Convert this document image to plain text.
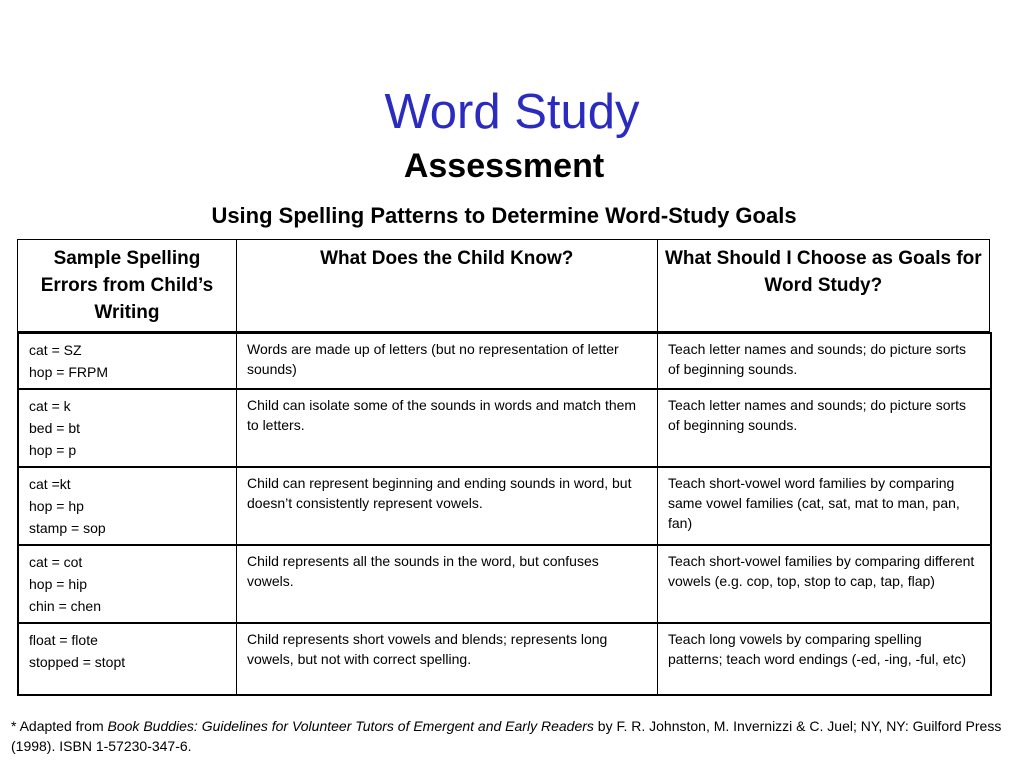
Word Study
Assessment
Using Spelling Patterns to Determine Word-Study Goals
Sample Spelling Errors from Child’s Writing	What Does the Child Know?	What Should I Choose as Goals for Word Study?
cat = SZ
hop = FRPM	Words are made up of letters (but no representation of letter sounds)	Teach letter names and sounds; do picture sorts of beginning sounds.

cat = k
bed = bt
hop = p	Child can isolate some of the sounds in words and match them to letters.	Teach letter names and sounds; do picture sorts of beginning sounds.

cat =kt
hop = hp
stamp = sop	Child can represent beginning and ending sounds in word, but doesn’t consistently represent vowels.	Teach short-vowel word families by comparing same vowel families (cat, sat, mat to man, pan, fan)

cat = cot
hop = hip
chin = chen	Child represents all the sounds in the word, but confuses vowels.	Teach short-vowel families by comparing different vowels (e.g. cop, top, stop to cap, tap, flap)

float = flote
stopped = stopt	Child represents short vowels and blends; represents long vowels, but not with correct spelling.	Teach long vowels by comparing spelling patterns; teach word endings (-ed, -ing, -ful, etc)
* Adapted from Book Buddies: Guidelines for Volunteer Tutors of Emergent and Early Readers by F. R. Johnston, M. Invernizzi & C. Juel; NY, NY: Guilford Press (1998). ISBN 1-57230-347-6.
